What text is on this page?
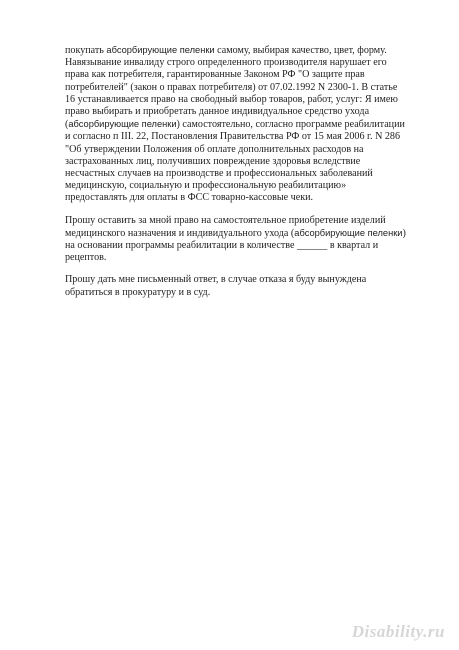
покупать абсорбирующие пеленки самому, выбирая качество, цвет, форму.
Навязывание инвалиду строго определенного производителя нарушает его
права как потребителя, гарантированные Законом РФ "О защите прав
потребителей" (закон о правах потребителя) от 07.02.1992 N 2300-1. В статье
16 устанавливается право на свободный выбор товаров, работ, услуг: Я имею
право выбирать и приобретать данное индивидуальное средство ухода
(абсорбирующие пеленки) самостоятельно, согласно программе реабилитации
и согласно п III. 22, Постановления Правительства РФ от 15 мая 2006 г. N 286
"Об утверждении Положения об оплате дополнительных расходов на
застрахованных лиц, получивших повреждение здоровья вследствие
несчастных случаев на производстве и профессиональных заболеваний
медицинскую, социальную и профессиональную реабилитацию»
предоставлять для оплаты в ФСС товарно-кассовые чеки.
Прошу оставить за мной право на самостоятельное приобретение изделий
медицинского назначения и индивидуального ухода (абсорбирующие пеленки)
на основании программы реабилитации в количестве ______ в квартал и
рецептов.
Прошу дать мне письменный ответ, в случае отказа я буду вынуждена
обратиться в прокуратуру и в суд.
Disability.ru
